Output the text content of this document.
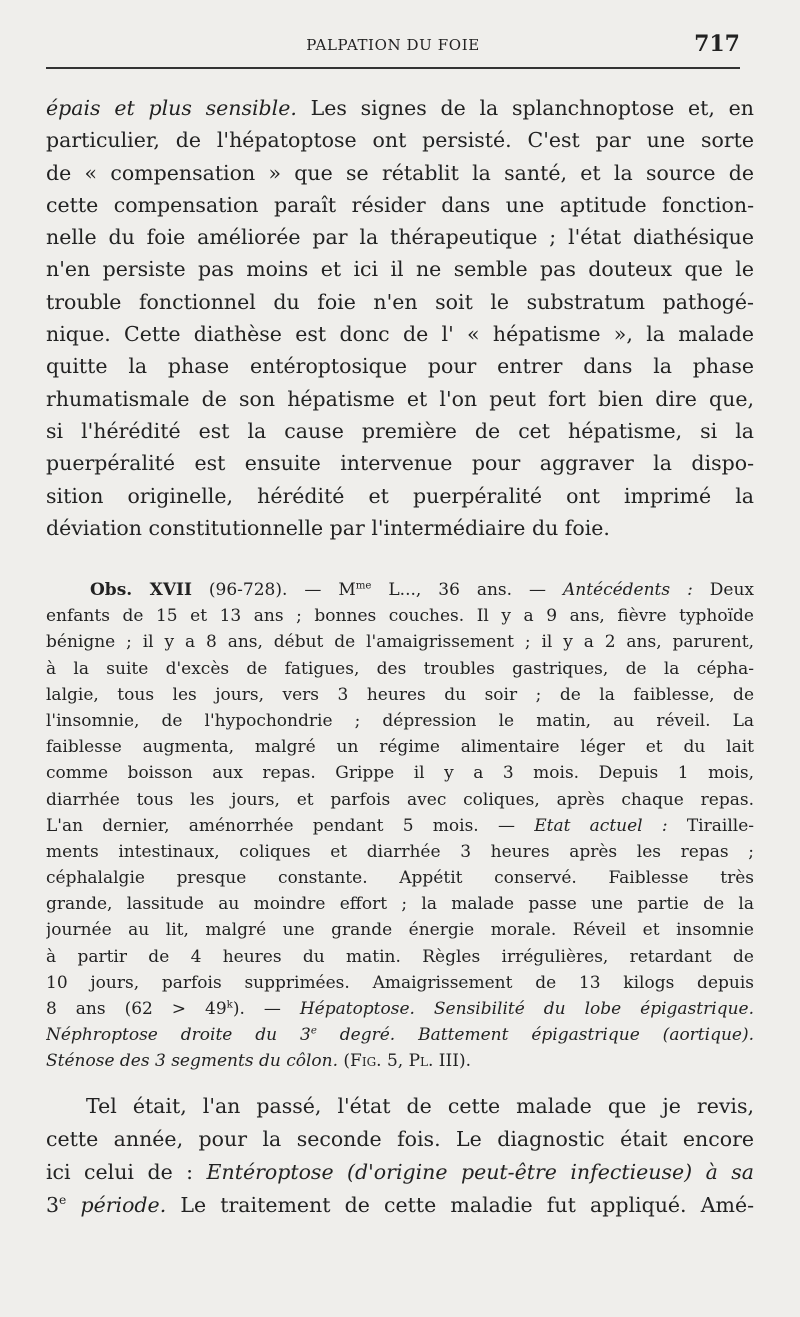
PALPATION DU FOIE	717
épais et plus sensible. Les signes de la splanchnoptose et, en
particulier, de l'hépatoptose ont persisté. C'est par une sorte
de « compensation » que se rétablit la santé, et la source de
cette compensation paraît résider dans une aptitude fonction-
nelle du foie améliorée par la thérapeutique ; l'état diathésique
n'en persiste pas moins et ici il ne semble pas douteux que le
trouble fonctionnel du foie n'en soit le substratum pathogé-
nique. Cette diathèse est donc de l' « hépatisme », la malade
quitte la phase entéroptosique pour entrer dans la phase
rhumatismale de son hépatisme et l'on peut fort bien dire que,
si l'hérédité est la cause première de cet hépatisme, si la
puerpéralité est ensuite intervenue pour aggraver la dispo-
sition originelle, hérédité et puerpéralité ont imprimé la
déviation constitutionnelle par l'intermédiaire du foie.
Obs. XVII (96-728). — $M^{me}$ L..., 36 ans. — Antécédents : Deux
enfants de 15 et 13 ans ; bonnes couches. Il y a 9 ans, fièvre typhoïde
bénigne ; il y a 8 ans, début de l'amaigrissement ; il y a 2 ans, parurent,
à la suite d'excès de fatigues, des troubles gastriques, de la cépha-
lalgie, tous les jours, vers 3 heures du soir ; de la faiblesse, de
l'insomnie, de l'hypochondrie ; dépression le matin, au réveil. La
faiblesse augmenta, malgré un régime alimentaire léger et du lait
comme boisson aux repas. Grippe il y a 3 mois. Depuis 1 mois,
diarrhée tous les jours, et parfois avec coliques, après chaque repas.
L'an dernier, aménorrhée pendant 5 mois. — Etat actuel : Tiraille-
ments intestinaux, coliques et diarrhée 3 heures après les repas ;
céphalalgie presque constante. Appétit conservé. Faiblesse très
grande, lassitude au moindre effort ; la malade passe une partie de la
journée au lit, malgré une grande énergie morale. Réveil et insomnie
à partir de 4 heures du matin. Règles irrégulières, retardant de
10 jours, parfois supprimées. Amaigrissement de 13 kilogs depuis
8 ans $(62 > 49^k)$. — Hépatoptose. Sensibilité du lobe épigastrique.
Néphroptose droite du 3e degré. Battement épigastrique (aortique).
Sténose des 3 segments du côlon. (Fig. 5, Pl. III).
Tel était, l'an passé, l'état de cette malade que je revis,
cette année, pour la seconde fois. Le diagnostic était encore
ici celui de : Entéroptose (d'origine peut-être infectieuse) à sa
3e période. Le traitement de cette maladie fut appliqué. Amé-
